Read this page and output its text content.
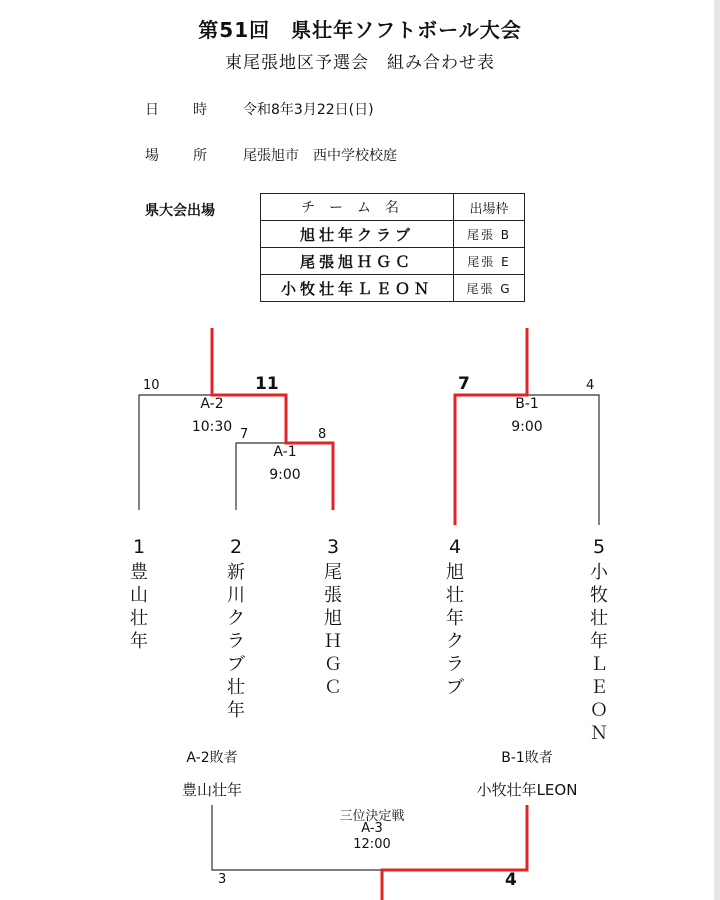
第51回　県壮年ソフトボール大会
東尾張地区予選会　組み合わせ表
日 時	令和8年3月22日(日)
場 所	尾張旭市　西中学校校庭
県大会出場	チーム名	出場枠
旭壮年クラブ	尾張 B
尾張旭ＨＧＣ	尾張 E
小牧壮年ＬＥＯＮ	尾張 G
10	11
A-2
10:30 7	8
A-1
9:00
7	4
B-1
9:00
1
豊
山
壮
年
2
新
川
ク
ラ
ブ
壮
年
3
尾
張
旭
Ｈ
Ｇ
Ｃ
4
旭
壮
年
ク
ラ
ブ
5
小
牧
壮
年
Ｌ
Ｅ
Ｏ
Ｎ
A-2敗者
豊山壮年
B-1敗者
小牧壮年LEON
三位決定戦
A-3
12:00
3	4
